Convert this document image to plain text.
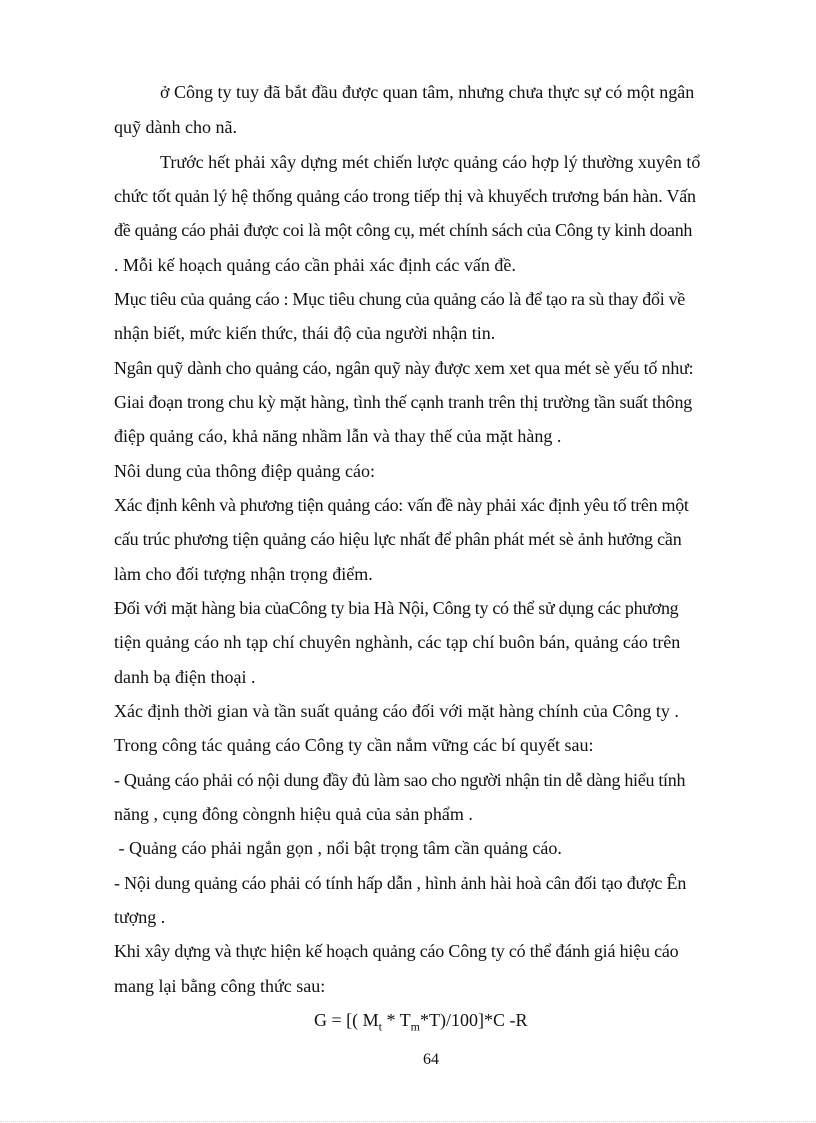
ở Công ty tuy đã bắt đầu được quan tâm, nhưng chưa thực sự có một ngân
quỹ dành cho nã.
Trước hết phải xây dựng mét chiến lược quảng cáo hợp lý thường xuyên tổ
chức tốt quản lý hệ thống quảng cáo trong tiếp thị và khuyếch trương bán hàn. Vấn
đề quảng cáo phải được coi là một công cụ, mét chính sách của Công ty kinh doanh
. Mỗi kế hoạch quảng cáo cần phải xác định các vấn đề.
Mục tiêu của quảng cáo : Mục tiêu chung của quảng cáo là để tạo ra sù thay đổi về
nhận biết, mức kiến thức, thái độ của người nhận tin.
Ngân quỹ dành cho quảng cáo, ngân quỹ này được xem xet qua mét sè yếu tố như:
Giai đoạn trong chu kỳ mặt hàng, tình thế cạnh tranh trên thị trường tần suất thông
điệp quảng cáo, khả năng nhầm lẫn và thay thế của mặt hàng .
Nôi dung của thông điệp quảng cáo:
Xác định kênh và phương tiện quảng cáo: vấn đề này phải xác định yêu tố trên một
cấu trúc phương tiện quảng cáo hiệu lực nhất để phân phát mét sè ảnh hưởng cần
làm cho đối tượng nhận trọng điểm.
Đối với mặt hàng bia củaCông ty bia Hà Nội, Công ty có thể sử dụng các phương
tiện quảng cáo nh tạp chí chuyên nghành, các tạp chí buôn bán, quảng cáo trên
danh bạ điện thoại .
Xác định thời gian và tần suất quảng cáo đối với mặt hàng chính của Công ty .
Trong công tác quảng cáo Công ty cần nắm vững các bí quyết sau:
- Quảng cáo phải có nội dung đầy đủ làm sao cho người nhận tin dễ dàng hiểu tính
năng , cụng đông còngnh hiệu quả của sản phẩm .
- Quảng cáo phải ngắn gọn , nổi bật trọng tâm cần quảng cáo.
- Nội dung quảng cáo phải có tính hấp dẫn , hình ảnh hài hoà cân đối tạo được Ên
tượng .
Khi xây dựng và thực hiện kế hoạch quảng cáo Công ty có thể đánh giá hiệu cáo
mang lại bằng công thức sau:
G = [( $M_t * T_m*T)/100]*C$ -R
64
